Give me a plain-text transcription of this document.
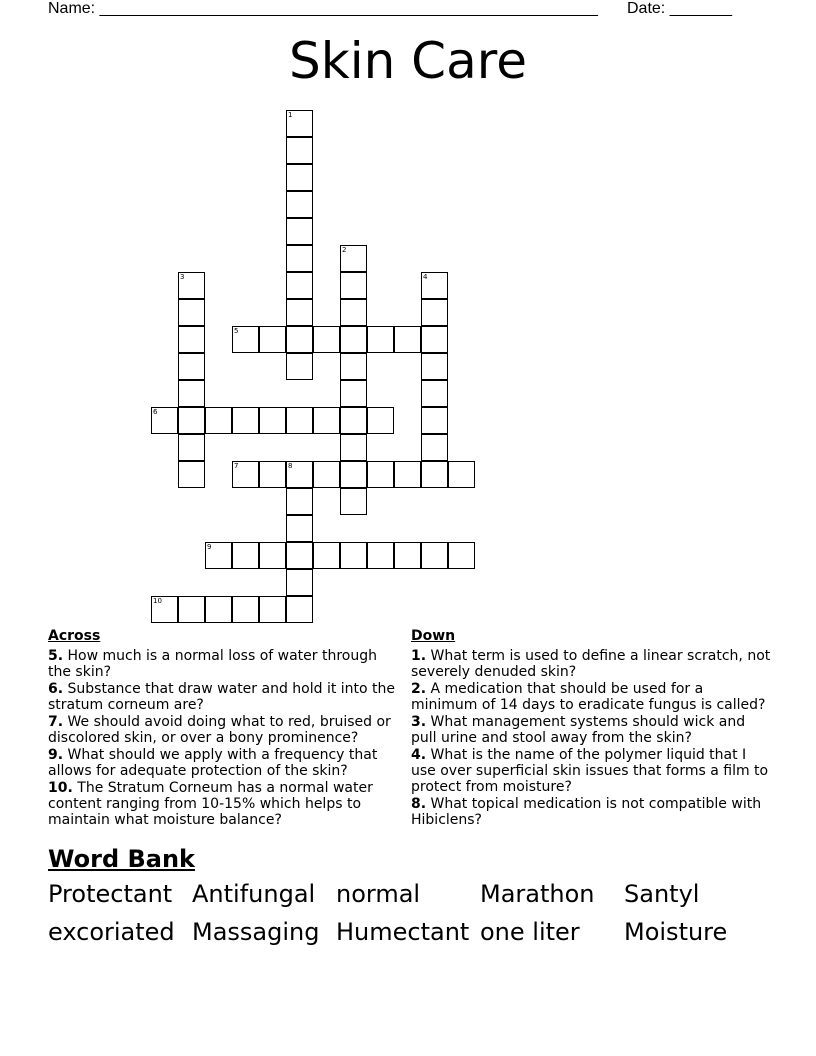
Name: ________________________________________________________ Date: _______
Skin Care
1
2
3	4
5
6
7	8
9
10
Across
5. How much is a normal loss of water through the skin?
6. Substance that draw water and hold it into the stratum corneum are?
7. We should avoid doing what to red, bruised or discolored skin, or over a bony prominence?
9. What should we apply with a frequency that allows for adequate protection of the skin?
10. The Stratum Corneum has a normal water content ranging from 10-15% which helps to maintain what moisture balance?
Down
1. What term is used to define a linear scratch, not severely denuded skin?
2. A medication that should be used for a minimum of 14 days to eradicate fungus is called?
3. What management systems should wick and pull urine and stool away from the skin?
4. What is the name of the polymer liquid that I use over superficial skin issues that forms a film to protect from moisture?
8. What topical medication is not compatible with Hibiclens?
Word Bank
Protectant Antifungal normal Marathon Santyl
excoriated Massaging Humectant one liter Moisture
